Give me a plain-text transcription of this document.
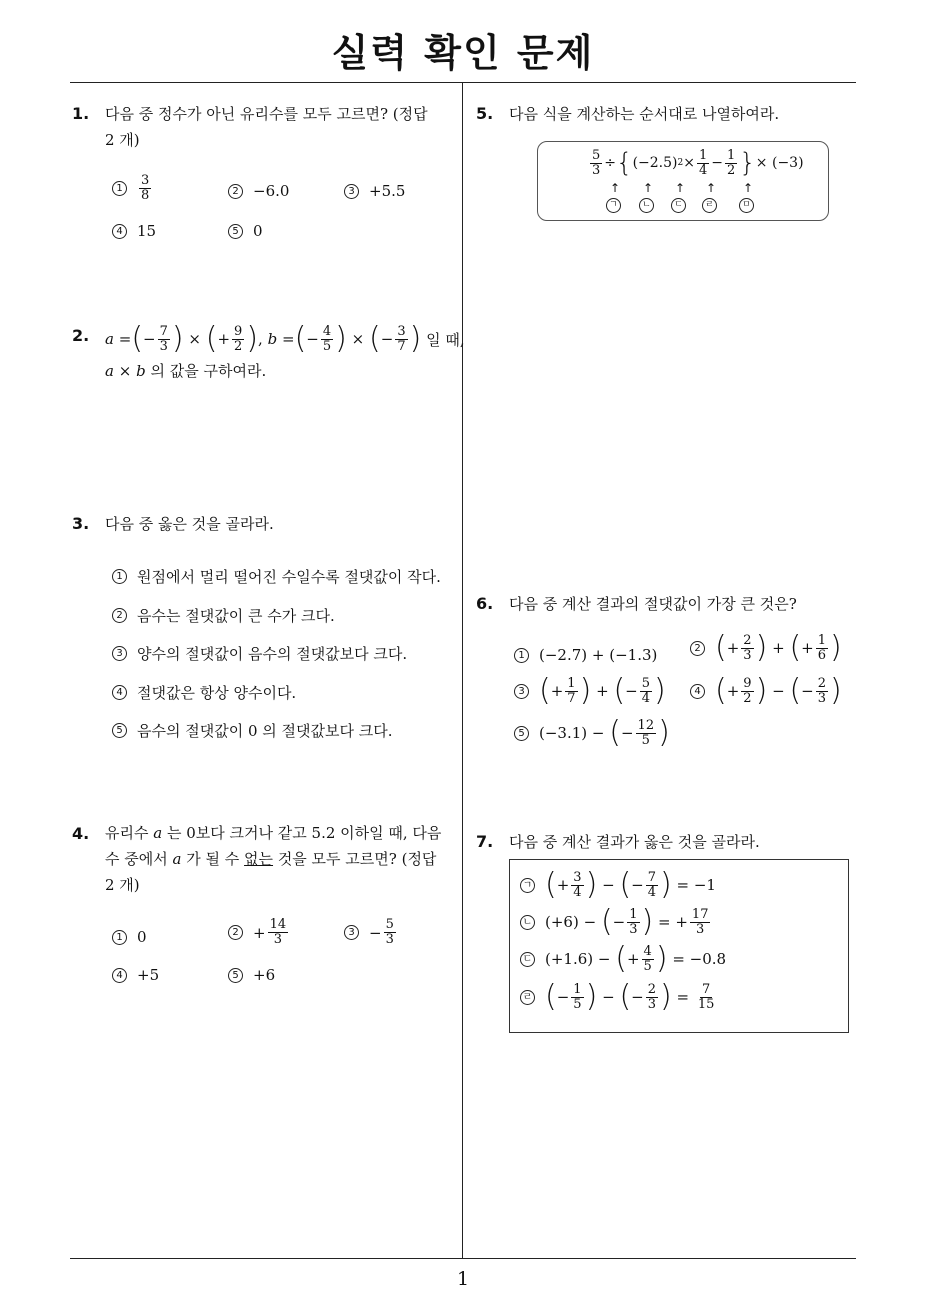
실력 확인 문제
1
1. 다음 중 정수가 아닌 유리수를 모두 고르면? (정답
2 개)
1	$\frac{3}{8}$	2 −6.0	3 +5.5
4 15	5 0
2. a
= ( − $\frac{7}{3}$ )
×
( + $\frac{9}{2}$ ) ,
b
= ( − $\frac{4}{5}$ )
×
( − $\frac{3}{7}$ )
일 때,
a × b 의 값을 구하여라.
3. 다음 중 옳은 것을 골라라.
1 원점에서 멀리 떨어진 수일수록 절댓값이 작다.
2 음수는 절댓값이 큰 수가 크다.
3 양수의 절댓값이 음수의 절댓값보다 크다.
4 절댓값은 항상 양수이다.
5 음수의 절댓값이 0 의 절댓값보다 크다.
4. 유리수 a 는 0보다 크거나 같고 5.2 이하일 때, 다음
수 중에서 a 가 될 수 없는 것을 모두 고르면? (정답
2 개)
1 0	$2 + \frac{14}{3}$	$3 - \frac{5}{3}$
4 +5	5 +6
5. 다음 식을 계산하는 순서대로 나열하여라.
$\frac{5}{3}$ ÷ { (−2.5) $2 \times \frac{1}{4} - \frac{1}{2}$ } × (−3)
↑ ↑ ↑ ↑ ↑
ㄱ	ㄴ	ㄷ	ㄹ	ㅁ
6. 다음 중 계산 결과의 절댓값이 가장 큰 것은?
1 (−2.7) + (−1.3)	2 ( + $\frac{2}{3}$ )
+
( + $\frac{1}{6}$ )
3 ( + $\frac{1}{7}$ )
+
( − $\frac{5}{4}$ )	4 ( + $\frac{9}{2}$ )
−
( − $\frac{2}{3}$ )
5 (−3.1) −
( − $\frac{12}{5}$ )
7. 다음 중 계산 결과가 옳은 것을 골라라.
ㄱ ( + $\frac{3}{4}$ )
−
( − $\frac{7}{4}$ )
= −1
ㄴ (+6) −
( − $\frac{1}{3}$ )
= + $\frac{17}{3}$
ㄷ (+1.6) −
( + $\frac{4}{5}$ )
= −0.8
ㄹ ( − $\frac{1}{5}$ )
−
( − $\frac{2}{3}$ )
=
$\frac{7}{15}$
